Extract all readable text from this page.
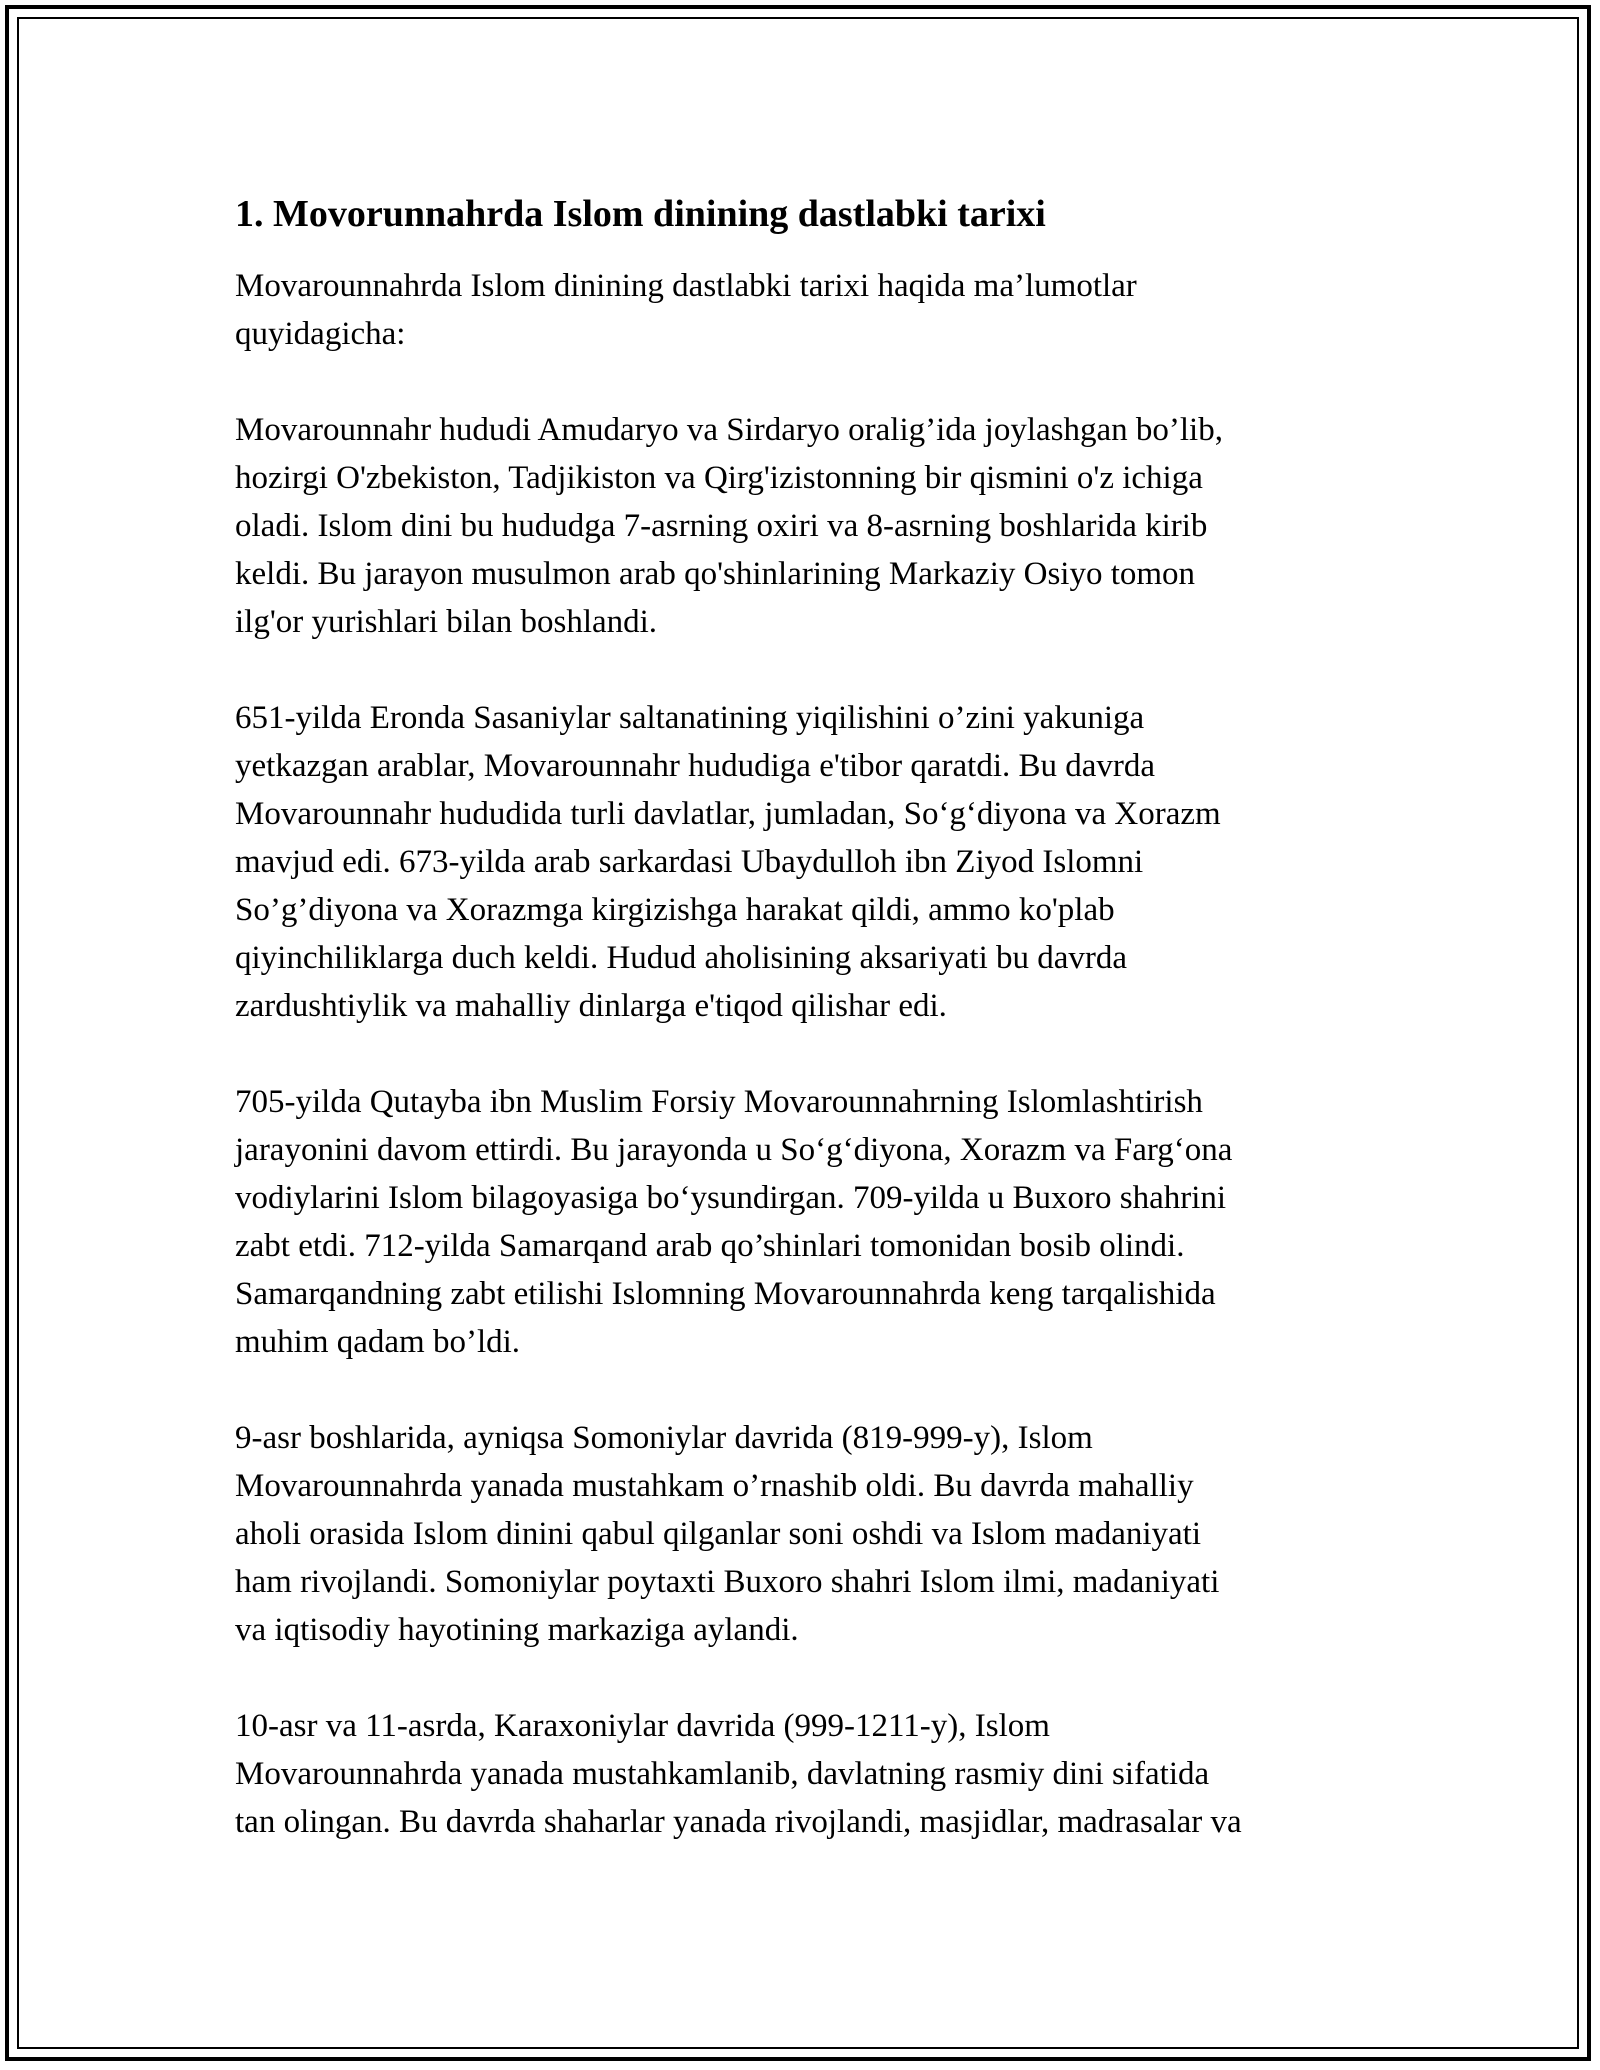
1. Movorunnahrda Islom dinining dastlabki tarixi

Movarounnahrda Islom dinining dastlabki tarixi haqida ma’lumotlar
quyidagicha:

Movarounnahr hududi Amudaryo va Sirdaryo oralig’ida joylashgan bo’lib,
hozirgi O'zbekiston, Tadjikiston va Qirg'izistonning bir qismini o'z ichiga
oladi. Islom dini bu hududga 7-asrning oxiri va 8-asrning boshlarida kirib
keldi. Bu jarayon musulmon arab qo'shinlarining Markaziy Osiyo tomon
ilg'or yurishlari bilan boshlandi.

651-yilda Eronda Sasaniylar saltanatining yiqilishini o’zini yakuniga
yetkazgan arablar, Movarounnahr hududiga e'tibor qaratdi. Bu davrda
Movarounnahr hududida turli davlatlar, jumladan, So‘g‘diyona va Xorazm
mavjud edi. 673-yilda arab sarkardasi Ubaydulloh ibn Ziyod Islomni
So’g’diyona va Xorazmga kirgizishga harakat qildi, ammo ko'plab
qiyinchiliklarga duch keldi. Hudud aholisining aksariyati bu davrda
zardushtiylik va mahalliy dinlarga e'tiqod qilishar edi.

705-yilda Qutayba ibn Muslim Forsiy Movarounnahrning Islomlashtirish
jarayonini davom ettirdi. Bu jarayonda u So‘g‘diyona, Xorazm va Farg‘ona
vodiylarini Islom bilagoyasiga bo‘ysundirgan. 709-yilda u Buxoro shahrini
zabt etdi. 712-yilda Samarqand arab qo’shinlari tomonidan bosib olindi.
Samarqandning zabt etilishi Islomning Movarounnahrda keng tarqalishida
muhim qadam bo’ldi.

9-asr boshlarida, ayniqsa Somoniylar davrida (819-999-y), Islom
Movarounnahrda yanada mustahkam o’rnashib oldi. Bu davrda mahalliy
aholi orasida Islom dinini qabul qilganlar soni oshdi va Islom madaniyati
ham rivojlandi. Somoniylar poytaxti Buxoro shahri Islom ilmi, madaniyati
va iqtisodiy hayotining markaziga aylandi.

10-asr va 11-asrda, Karaxoniylar davrida (999-1211-y), Islom
Movarounnahrda yanada mustahkamlanib, davlatning rasmiy dini sifatida
tan olingan. Bu davrda shaharlar yanada rivojlandi, masjidlar, madrasalar va
